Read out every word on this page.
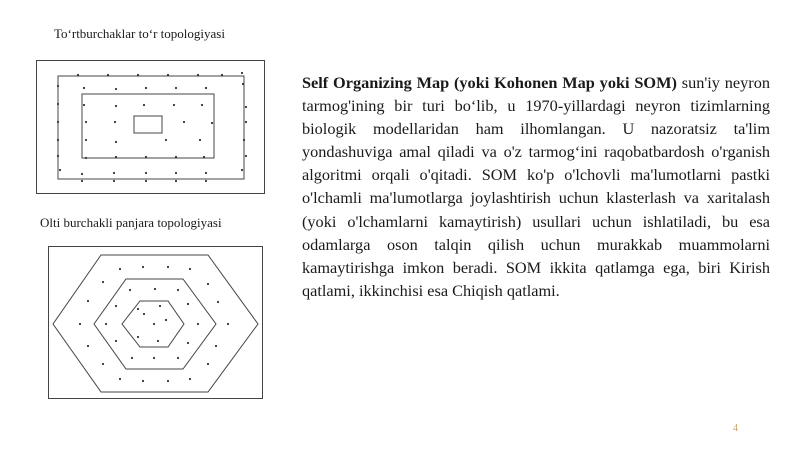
To‘rtburchaklar to‘r topologiyasi
Olti burchakli panjara topologiyasi
Self Organizing Map (yoki Kohonen Map yoki SOM) sun'iy neyron tarmog'ining bir turi bo‘lib, u 1970-yillardagi neyron tizimlarning biologik modellaridan ham ilhomlangan. U nazoratsiz ta'lim yondashuviga amal qiladi va o'z tarmog‘ini raqobatbardosh o'rganish algoritmi orqali o'qitadi. SOM ko'p o'lchovli ma'lumotlarni pastki o'lchamli ma'lumotlarga joylashtirish uchun klasterlash va xaritalash (yoki o'lchamlarni kamaytirish) usullari uchun ishlatiladi, bu esa odamlarga oson talqin qilish uchun murakkab muammolarni kamaytirishga imkon beradi. SOM ikkita qatlamga ega, biri Kirish qatlami, ikkinchisi esa Chiqish qatlami.
4
